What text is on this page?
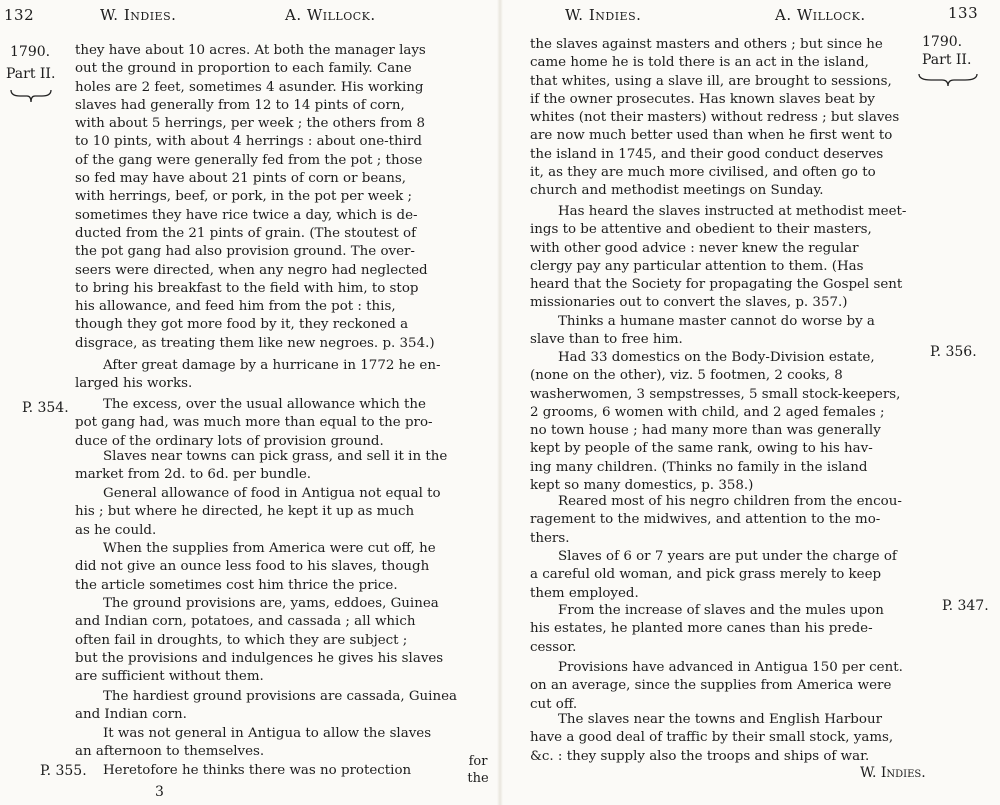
132	W. Indies.	A. Willock.
1790.
Part II.
P. 354.
P. 355.
they have about 10 acres. At both the manager lays
out the ground in proportion to each family. Cane
holes are 2 feet, sometimes 4 asunder. His working
slaves had generally from 12 to 14 pints of corn,
with about 5 herrings, per week ; the others from 8
to 10 pints, with about 4 herrings : about one-third
of the gang were generally fed from the pot ; those
so fed may have about 21 pints of corn or beans,
with herrings, beef, or pork, in the pot per week ;
sometimes they have rice twice a day, which is de-
ducted from the 21 pints of grain. (The stoutest of
the pot gang had also provision ground. The over-
seers were directed, when any negro had neglected
to bring his breakfast to the field with him, to stop
his allowance, and feed him from the pot : this,
though they got more food by it, they reckoned a
disgrace, as treating them like new negroes. p. 354.)
After great damage by a hurricane in 1772 he en-
larged his works.
The excess, over the usual allowance which the
pot gang had, was much more than equal to the pro-
duce of the ordinary lots of provision ground.
Slaves near towns can pick grass, and sell it in the
market from 2d. to 6d. per bundle.
General allowance of food in Antigua not equal to
his ; but where he directed, he kept it up as much
as he could.
When the supplies from America were cut off, he
did not give an ounce less food to his slaves, though
the article sometimes cost him thrice the price.
The ground provisions are, yams, eddoes, Guinea
and Indian corn, potatoes, and cassada ; all which
often fail in droughts, to which they are subject ;
but the provisions and indulgences he gives his slaves
are sufficient without them.
The hardiest ground provisions are cassada, Guinea
and Indian corn.
It was not general in Antigua to allow the slaves
an afternoon to themselves.
Heretofore he thinks there was no protection
for the
3
W. Indies.	A. Willock.	133
1790.
Part II.
P. 356.
P. 347.
the slaves against masters and others ; but since he
came home he is told there is an act in the island,
that whites, using a slave ill, are brought to sessions,
if the owner prosecutes. Has known slaves beat by
whites (not their masters) without redress ; but slaves
are now much better used than when he first went to
the island in 1745, and their good conduct deserves
it, as they are much more civilised, and often go to
church and methodist meetings on Sunday.
Has heard the slaves instructed at methodist meet-
ings to be attentive and obedient to their masters,
with other good advice : never knew the regular
clergy pay any particular attention to them. (Has
heard that the Society for propagating the Gospel sent
missionaries out to convert the slaves, p. 357.)
Thinks a humane master cannot do worse by a
slave than to free him.
Had 33 domestics on the Body-Division estate,
(none on the other), viz. 5 footmen, 2 cooks, 8
washerwomen, 3 sempstresses, 5 small stock-keepers,
2 grooms, 6 women with child, and 2 aged females ;
no town house ; had many more than was generally
kept by people of the same rank, owing to his hav-
ing many children. (Thinks no family in the island
kept so many domestics, p. 358.)
Reared most of his negro children from the encou-
ragement to the midwives, and attention to the mo-
thers.
Slaves of 6 or 7 years are put under the charge of
a careful old woman, and pick grass merely to keep
them employed.
From the increase of slaves and the mules upon
his estates, he planted more canes than his prede-
cessor.
Provisions have advanced in Antigua 150 per cent.
on an average, since the supplies from America were
cut off.
The slaves near the towns and English Harbour
have a good deal of traffic by their small stock, yams,
&c. : they supply also the troops and ships of war.
W. Indies.
